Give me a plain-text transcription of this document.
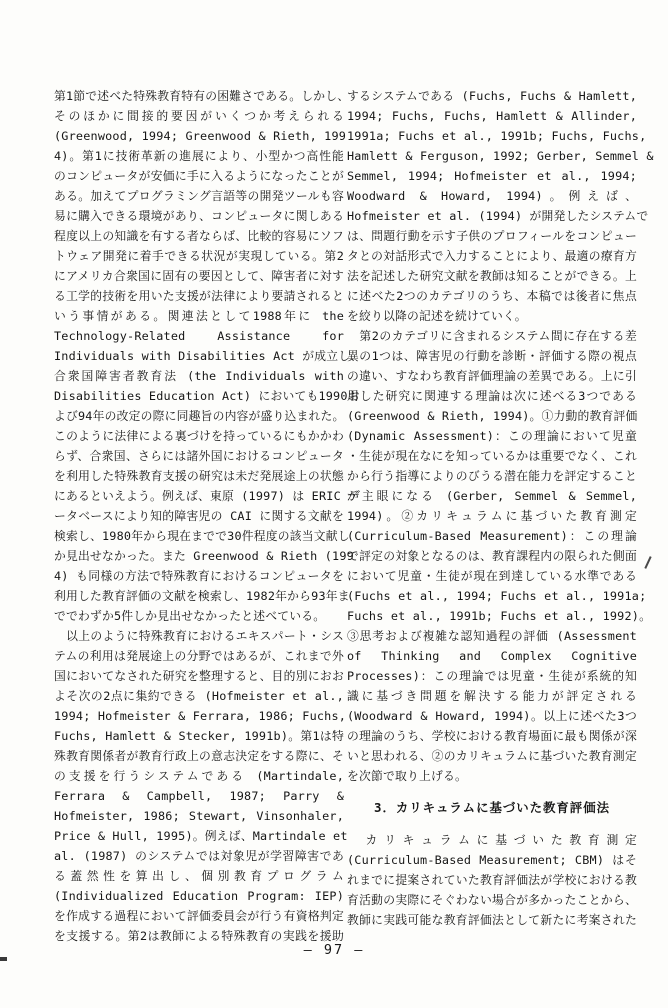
第1節で述べた特殊教育特有の困難さである。しかし、
そのほかに間接的要因がいくつか考えられる
(Greenwood, 1994; Greenwood & Rieth, 199
4)。第1に技術革新の進展により、小型かつ高性能
のコンピュータが安価に手に入るようになったことが
ある。加えてプログラミング言語等の開発ツールも容
易に購入できる環境があり、コンピュータに関しある
程度以上の知識を有する者ならば、比較的容易にソフ
トウェア開発に着手できる状況が実現している。第2
にアメリカ合衆国に固有の要因として、障害者に対す
る工学的技術を用いた支援が法律により要請されると
いう事情がある。関連法として1988年に the
Technology-Related Assistance for
Individuals with Disabilities Act が成立し、
合衆国障害者教育法 (the Individuals with
Disabilities Education Act) においても1990お
よび94年の改定の際に同趣旨の内容が盛り込まれた。
このように法律による裏づけを持っているにもかかわ
らず、合衆国、さらには諸外国におけるコンピュータ
を利用した特殊教育支援の研究は未だ発展途上の状態
にあるといえよう。例えば、東原 (1997) は ERIC デ
ータベースにより知的障害児の CAI に関する文献を
検索し、1980年から現在までで30件程度の該当文献し
か見出せなかった。また Greenwood & Rieth (199
4) も同様の方法で特殊教育におけるコンピュータを
利用した教育評価の文献を検索し、1982年から93年ま
ででわずか5件しか見出せなかったと述べている。
　以上のように特殊教育におけるエキスパート・シス
テムの利用は発展途上の分野ではあるが、これまで外
国においてなされた研究を整理すると、目的別におお
よそ次の2点に集約できる (Hofmeister et al.,
1994; Hofmeister & Ferrara, 1986; Fuchs,
Fuchs, Hamlett & Stecker, 1991b)。第1は特
殊教育関係者が教育行政上の意志決定をする際に、そ
の支援を行うシステムである (Martindale,
Ferrara & Campbell, 1987; Parry &
Hofmeister, 1986; Stewart, Vinsonhaler,
Price & Hull, 1995)。例えば、Martindale et
al. (1987) のシステムでは対象児が学習障害であ
る蓋然性を算出し、個別教育プログラム
(Individualized Education Program: IEP)
を作成する過程において評価委員会が行う有資格判定
を支援する。第2は教師による特殊教育の実践を援助
するシステムである (Fuchs, Fuchs & Hamlett,
1994; Fuchs, Fuchs, Hamlett & Allinder,
1991a; Fuchs et al., 1991b; Fuchs, Fuchs,
Hamlett & Ferguson, 1992; Gerber, Semmel &
Semmel, 1994; Hofmeister et al., 1994;
Woodward & Howard, 1994)。例えば、
Hofmeister et al. (1994) が開発したシステムで
は、問題行動を示す子供のプロフィールをコンピュー
タとの対話形式で入力することにより、最適の療育方
法を記述した研究文献を教師は知ることができる。上
に述べた2つのカテゴリのうち、本稿では後者に焦点
を絞り以降の記述を続けていく。
　第2のカテゴリに含まれるシステム間に存在する差
異の1つは、障害児の行動を診断・評価する際の視点
の違い、すなわち教育評価理論の差異である。上に引
用した研究に関連する理論は次に述べる3つである
(Greenwood & Rieth, 1994)。①力動的教育評価
(Dynamic Assessment)：この理論において児童
・生徒が現在なにを知っているかは重要でなく、これ
から行う指導によりのびうる潜在能力を評定すること
が主眼になる (Gerber, Semmel & Semmel,
1994)。②カリキュラムに基づいた教育測定
(Curriculum-Based Measurement)：この理論
で評定の対象となるのは、教育課程内の限られた側面
において児童・生徒が現在到達している水準である
(Fuchs et al., 1994; Fuchs et al., 1991a;
Fuchs et al., 1991b; Fuchs et al., 1992)。
③思考および複雑な認知過程の評価 (Assessment
of Thinking and Complex Cognitive
Processes)：この理論では児童・生徒が系統的知
識に基づき問題を解決する能力が評定される
(Woodward & Howard, 1994)。以上に述べた3つ
の理論のうち、学校における教育場面に最も関係が深
いと思われる、②のカリキュラムに基づいた教育測定
を次節で取り上げる。
3．カリキュラムに基づいた教育評価法
　カリキュラムに基づいた教育測定
(Curriculum-Based Measurement; CBM) はそ
れまでに提案されていた教育評価法が学校における教
育活動の実際にそぐわない場合が多かったことから、
教師に実践可能な教育評価法として新たに考案された
— 97 —
